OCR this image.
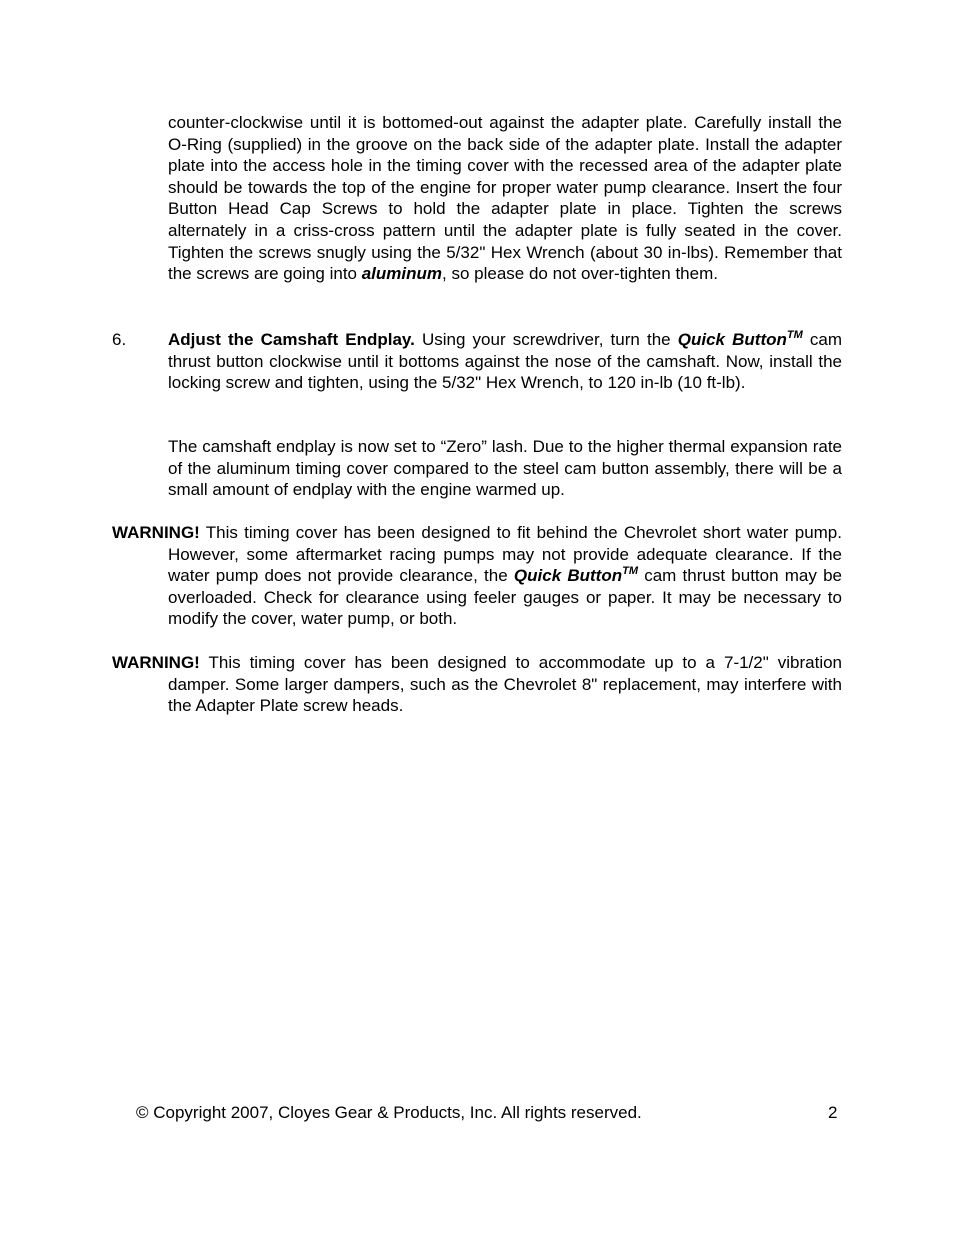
counter-clockwise until it is bottomed-out against the adapter plate. Carefully install the O-Ring (supplied) in the groove on the back side of the adapter plate. Install the adapter plate into the access hole in the timing cover with the recessed area of the adapter plate should be towards the top of the engine for proper water pump clearance. Insert the four Button Head Cap Screws to hold the adapter plate in place. Tighten the screws alternately in a criss-cross pattern until the adapter plate is fully seated in the cover. Tighten the screws snugly using the 5/32" Hex Wrench (about 30 in-lbs). Remember that the screws are going into aluminum, so please do not over-tighten them.

6. Adjust the Camshaft Endplay. Using your screwdriver, turn the Quick Button™ cam thrust button clockwise until it bottoms against the nose of the camshaft. Now, install the locking screw and tighten, using the 5/32" Hex Wrench, to 120 in-lb (10 ft-lb).

The camshaft endplay is now set to “Zero” lash. Due to the higher thermal expansion rate of the aluminum timing cover compared to the steel cam button assembly, there will be a small amount of endplay with the engine warmed up.

WARNING! This timing cover has been designed to fit behind the Chevrolet short water pump. However, some aftermarket racing pumps may not provide adequate clearance. If the water pump does not provide clearance, the Quick Button™ cam thrust button may be overloaded. Check for clearance using feeler gauges or paper. It may be necessary to modify the cover, water pump, or both.
WARNING! This timing cover has been designed to accommodate up to a 7-1/2" vibration damper. Some larger dampers, such as the Chevrolet 8" replacement, may interfere with the Adapter Plate screw heads.
© Copyright 2007, Cloyes Gear & Products, Inc. All rights reserved.	2
